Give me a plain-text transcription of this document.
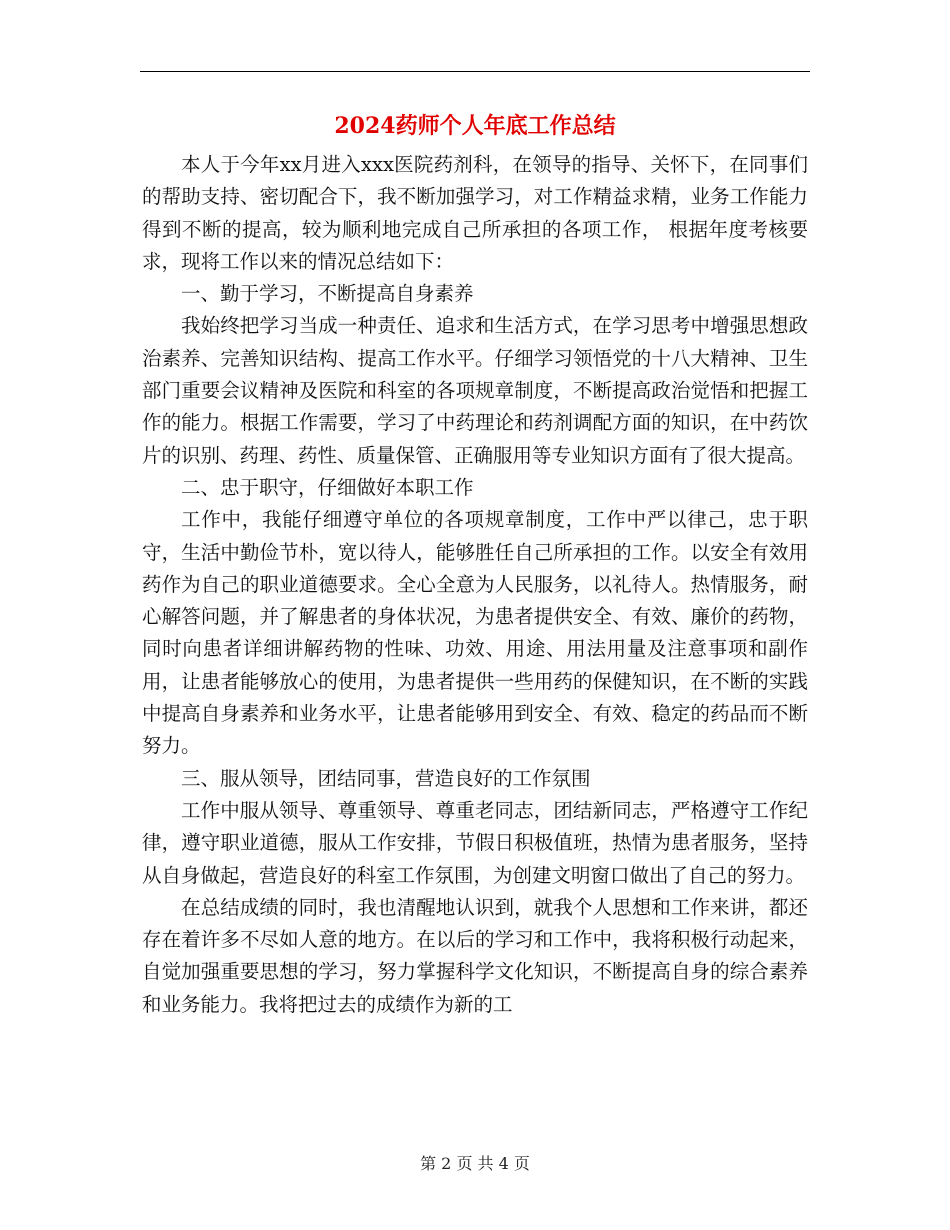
2024药师个人年底工作总结

本人于今年xx月进入xxx医院药剂科，在领导的指导、关怀下，在同事们的帮助支持、密切配合下，我不断加强学习，对工作精益求精，业务工作能力得到不断的提高，较为顺利地完成自己所承担的各项工作， 根据年度考核要求，现将工作以来的情况总结如下：

一、勤于学习，不断提高自身素养

我始终把学习当成一种责任、追求和生活方式，在学习思考中增强思想政治素养、完善知识结构、提高工作水平。仔细学习领悟党的十八大精神、卫生部门重要会议精神及医院和科室的各项规章制度，不断提高政治觉悟和把握工作的能力。根据工作需要，学习了中药理论和药剂调配方面的知识，在中药饮片的识别、药理、药性、质量保管、正确服用等专业知识方面有了很大提高。

二、忠于职守，仔细做好本职工作

工作中，我能仔细遵守单位的各项规章制度，工作中严以律己，忠于职守，生活中勤俭节朴，宽以待人，能够胜任自己所承担的工作。以安全有效用药作为自己的职业道德要求。全心全意为人民服务，以礼待人。热情服务，耐心解答问题，并了解患者的身体状况，为患者提供安全、有效、廉价的药物，同时向患者详细讲解药物的性味、功效、用途、用法用量及注意事项和副作用，让患者能够放心的使用，为患者提供一些用药的保健知识，在不断的实践中提高自身素养和业务水平，让患者能够用到安全、有效、稳定的药品而不断努力。

三、服从领导，团结同事，营造良好的工作氛围

工作中服从领导、尊重领导、尊重老同志，团结新同志，严格遵守工作纪律，遵守职业道德，服从工作安排，节假日积极值班，热情为患者服务，坚持从自身做起，营造良好的科室工作氛围，为创建文明窗口做出了自己的努力。

在总结成绩的同时，我也清醒地认识到，就我个人思想和工作来讲，都还存在着许多不尽如人意的地方。在以后的学习和工作中，我将积极行动起来，自觉加强重要思想的学习，努力掌握科学文化知识，不断提高自身的综合素养和业务能力。我将把过去的成绩作为新的工

第 2 页 共 4 页
